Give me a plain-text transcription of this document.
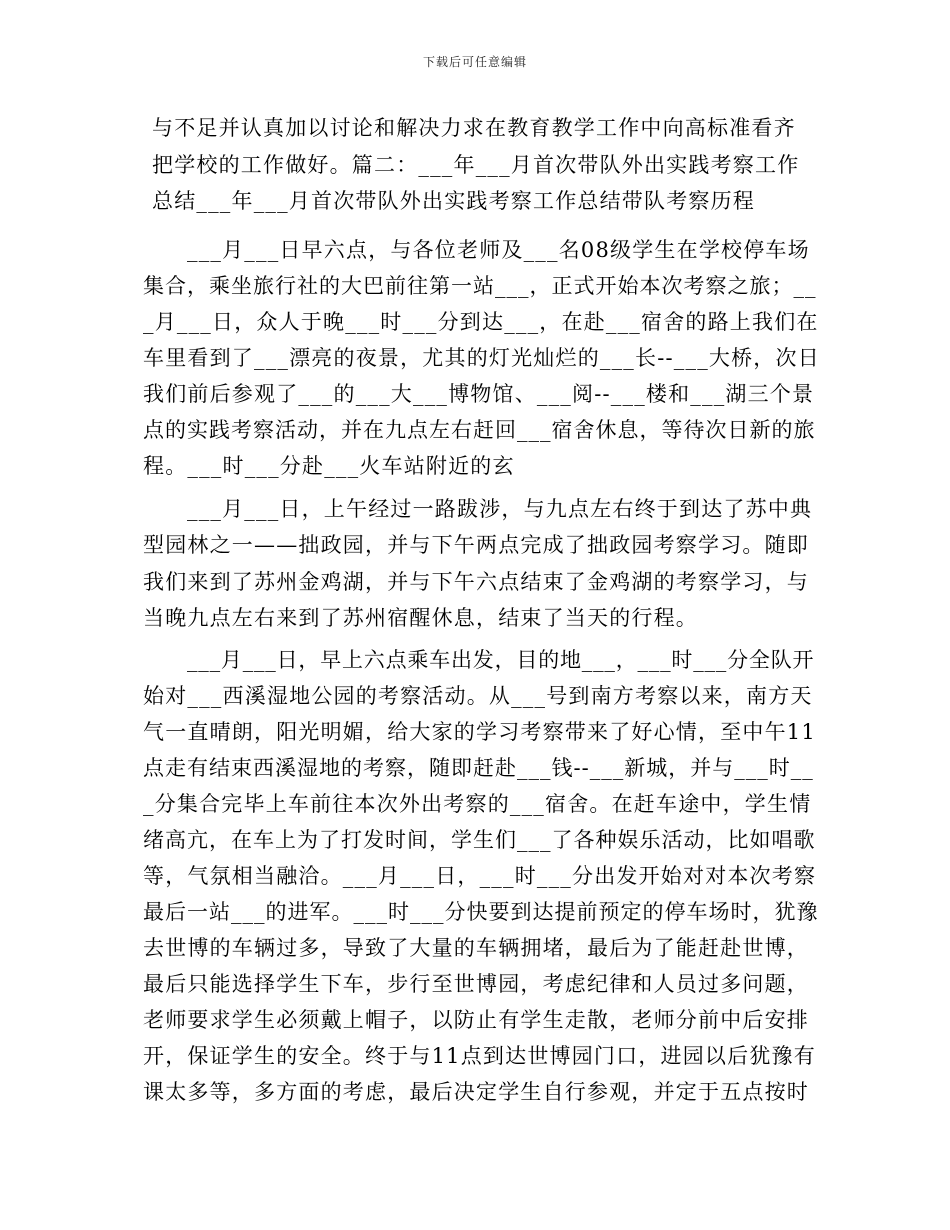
下载后可任意编辑
与不足并认真加以讨论和解决力求在教育教学工作中向高标准看齐
把学校的工作做好。篇二：___年___月首次带队外出实践考察工作
总结___年___月首次带队外出实践考察工作总结带队考察历程
___月___日早六点，与各位老师及___名08级学生在学校停车场
集合，乘坐旅行社的大巴前往第一站___，正式开始本次考察之旅；__
_月___日，众人于晚___时___分到达___，在赴___宿舍的路上我们在
车里看到了___漂亮的夜景，尤其的灯光灿烂的___长--___大桥，次日
我们前后参观了___的___大___博物馆、___阅--___楼和___湖三个景
点的实践考察活动，并在九点左右赶回___宿舍休息，等待次日新的旅
程。___时___分赴___火车站附近的玄
___月___日，上午经过一路跋涉，与九点左右终于到达了苏中典
型园林之一——拙政园，并与下午两点完成了拙政园考察学习。随即
我们来到了苏州金鸡湖，并与下午六点结束了金鸡湖的考察学习，与
当晚九点左右来到了苏州宿醒休息，结束了当天的行程。
___月___日，早上六点乘车出发，目的地___，___时___分全队开
始对___西溪湿地公园的考察活动。从___号到南方考察以来，南方天
气一直晴朗，阳光明媚，给大家的学习考察带来了好心情，至中午11
点走有结束西溪湿地的考察，随即赶赴___钱--___新城，并与___时__
_分集合完毕上车前往本次外出考察的___宿舍。在赶车途中，学生情
绪高亢，在车上为了打发时间，学生们___了各种娱乐活动，比如唱歌
等，气氛相当融洽。___月___日，___时___分出发开始对对本次考察
最后一站___的进军。___时___分快要到达提前预定的停车场时，犹豫
去世博的车辆过多，导致了大量的车辆拥堵，最后为了能赶赴世博，
最后只能选择学生下车，步行至世博园，考虑纪律和人员过多问题，
老师要求学生必须戴上帽子，以防止有学生走散，老师分前中后安排
开，保证学生的安全。终于与11点到达世博园门口，进园以后犹豫有
课太多等，多方面的考虑，最后决定学生自行参观，并定于五点按时
